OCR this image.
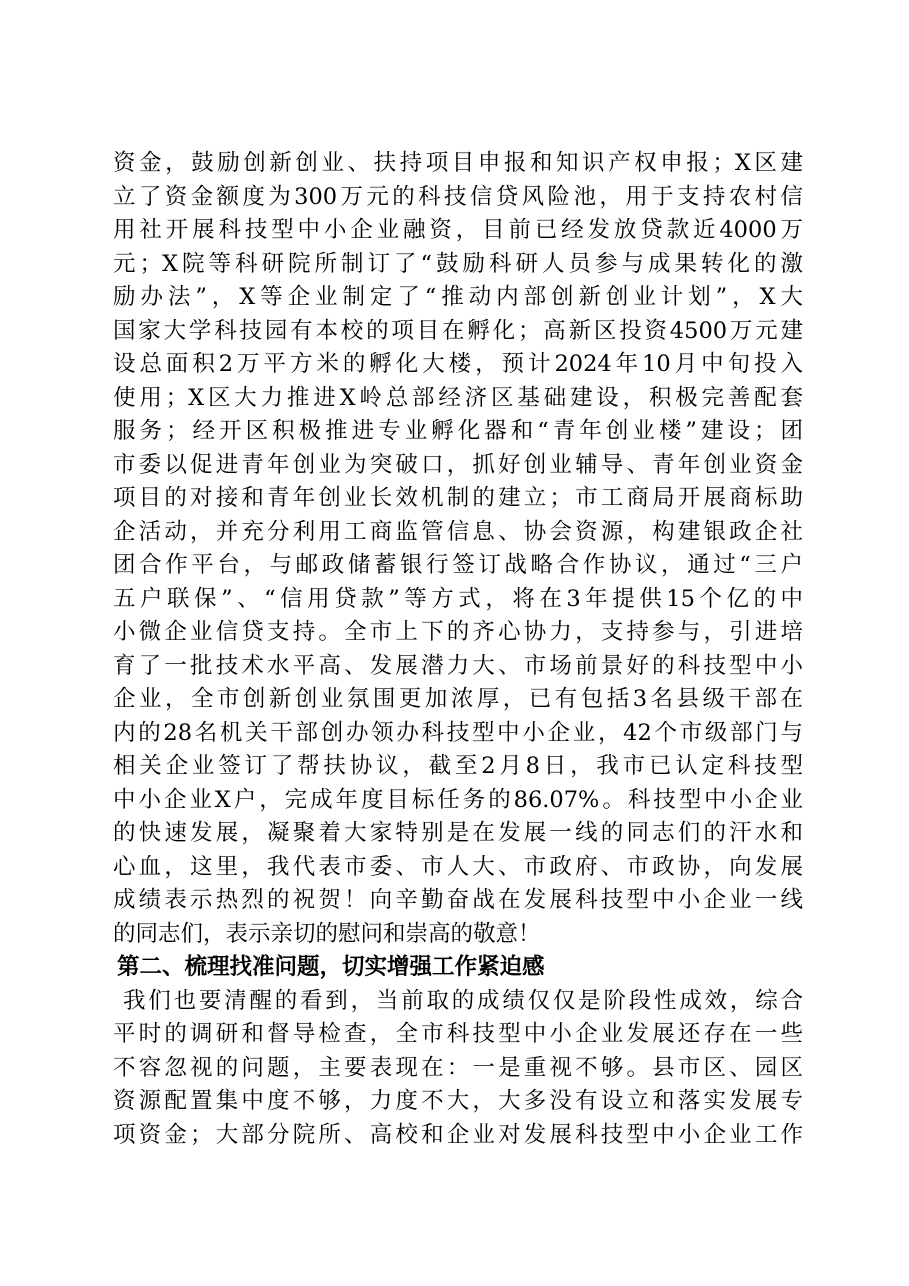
资金，鼓励创新创业、扶持项目申报和知识产权申报；X区建
立了资金额度为300万元的科技信贷风险池，用于支持农村信
用社开展科技型中小企业融资，目前已经发放贷款近4000万
元；X院等科研院所制订了“鼓励科研人员参与成果转化的激
励办法”，X等企业制定了“推动内部创新创业计划”，X大
国家大学科技园有本校的项目在孵化；高新区投资4500万元建
设总面积2万平方米的孵化大楼，预计2024年10月中旬投入
使用；X区大力推进X岭总部经济区基础建设，积极完善配套
服务；经开区积极推进专业孵化器和“青年创业楼”建设；团
市委以促进青年创业为突破口，抓好创业辅导、青年创业资金
项目的对接和青年创业长效机制的建立；市工商局开展商标助
企活动，并充分利用工商监管信息、协会资源，构建银政企社
团合作平台，与邮政储蓄银行签订战略合作协议，通过“三户
五户联保”、“信用贷款”等方式，将在3年提供15个亿的中
小微企业信贷支持。全市上下的齐心协力，支持参与，引进培
育了一批技术水平高、发展潜力大、市场前景好的科技型中小
企业，全市创新创业氛围更加浓厚，已有包括3名县级干部在
内的28名机关干部创办领办科技型中小企业，42个市级部门与
相关企业签订了帮扶协议，截至2月8日，我市已认定科技型
中小企业X户，完成年度目标任务的86.07%。科技型中小企业
的快速发展，凝聚着大家特别是在发展一线的同志们的汗水和
心血，这里，我代表市委、市人大、市政府、市政协，向发展
成绩表示热烈的祝贺！向辛勤奋战在发展科技型中小企业一线
的同志们，表示亲切的慰问和崇高的敬意！
第二、梳理找准问题，切实增强工作紧迫感
我们也要清醒的看到，当前取的成绩仅仅是阶段性成效，综合
平时的调研和督导检查，全市科技型中小企业发展还存在一些
不容忽视的问题，主要表现在：一是重视不够。县市区、园区
资源配置集中度不够，力度不大，大多没有设立和落实发展专
项资金；大部分院所、高校和企业对发展科技型中小企业工作
